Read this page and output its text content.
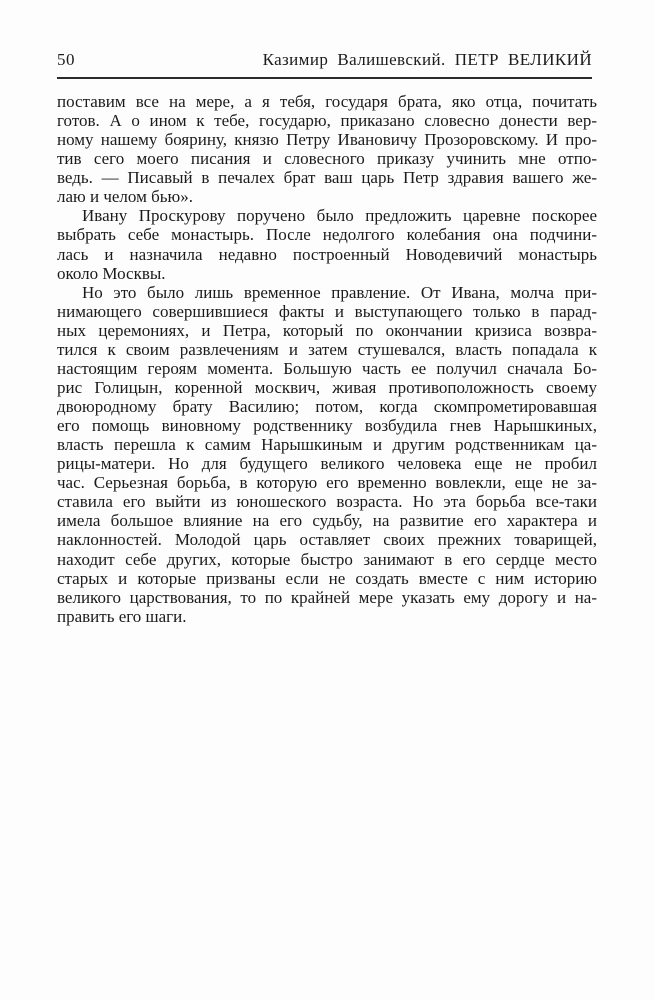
50	Казимир Валишевский. ПЕТР ВЕЛИКИЙ
поставим все на мере, а я тебя, государя брата, яко отца, почитать
готов. А о ином к тебе, государю, приказано словесно донести вер-
ному нашему боярину, князю Петру Ивановичу Прозоровскому. И про-
тив сего моего писания и словесного приказу учинить мне отпо-
ведь. — Писавый в печалех брат ваш царь Петр здравия вашего же-
лаю и челом бью».
Ивану Проскурову поручено было предложить царевне поскорее
выбрать себе монастырь. После недолгого колебания она подчини-
лась и назначила недавно построенный Новодевичий монастырь
около Москвы.
Но это было лишь временное правление. От Ивана, молча при-
нимающего совершившиеся факты и выступающего только в парад-
ных церемониях, и Петра, который по окончании кризиса возвра-
тился к своим развлечениям и затем стушевался, власть попадала к
настоящим героям момента. Большую часть ее получил сначала Бо-
рис Голицын, коренной москвич, живая противоположность своему
двоюродному брату Василию; потом, когда скомпрометировавшая
его помощь виновному родственнику возбудила гнев Нарышкиных,
власть перешла к самим Нарышкиным и другим родственникам ца-
рицы-матери. Но для будущего великого человека еще не пробил
час. Серьезная борьба, в которую его временно вовлекли, еще не за-
ставила его выйти из юношеского возраста. Но эта борьба все-таки
имела большое влияние на его судьбу, на развитие его характера и
наклонностей. Молодой царь оставляет своих прежних товарищей,
находит себе других, которые быстро занимают в его сердце место
старых и которые призваны если не создать вместе с ним историю
великого царствования, то по крайней мере указать ему дорогу и на-
править его шаги.
